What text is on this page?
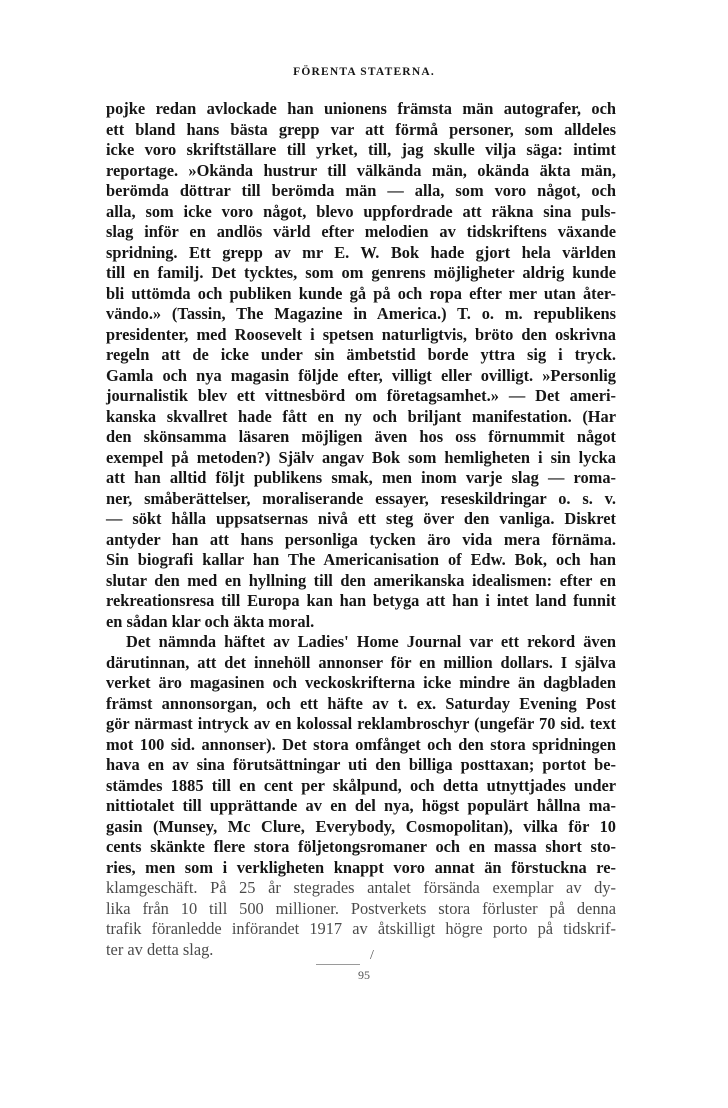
FÖRENTA STATERNA.
pojke redan avlockade han unionens främsta män autografer, och
ett bland hans bästa grepp var att förmå personer, som alldeles
icke voro skriftställare till yrket, till, jag skulle vilja säga: intimt
reportage. »Okända hustrur till välkända män, okända äkta män,
berömda döttrar till berömda män — alla, som voro något, och
alla, som icke voro något, blevo uppfordrade att räkna sina puls-
slag inför en andlös värld efter melodien av tidskriftens växande
spridning. Ett grepp av mr E. W. Bok hade gjort hela världen
till en familj. Det tycktes, som om genrens möjligheter aldrig kunde
bli uttömda och publiken kunde gå på och ropa efter mer utan åter-
vändo.» (Tassin, The Magazine in America.) T. o. m. republikens
presidenter, med Roosevelt i spetsen naturligtvis, bröto den oskrivna
regeln att de icke under sin ämbetstid borde yttra sig i tryck.
Gamla och nya magasin följde efter, villigt eller ovilligt. »Personlig
journalistik blev ett vittnesbörd om företagsamhet.» — Det ameri-
kanska skvallret hade fått en ny och briljant manifestation. (Har
den skönsamma läsaren möjligen även hos oss förnummit något
exempel på metoden?) Själv angav Bok som hemligheten i sin lycka
att han alltid följt publikens smak, men inom varje slag — roma-
ner, småberättelser, moraliserande essayer, reseskildringar o. s. v.
— sökt hålla uppsatsernas nivå ett steg över den vanliga. Diskret
antyder han att hans personliga tycken äro vida mera förnäma.
Sin biografi kallar han The Americanisation of Edw. Bok, och han
slutar den med en hyllning till den amerikanska idealismen: efter en
rekreationsresa till Europa kan han betyga att han i intet land funnit
en sådan klar och äkta moral.
Det nämnda häftet av Ladies' Home Journal var ett rekord även
därutinnan, att det innehöll annonser för en million dollars. I själva
verket äro magasinen och veckoskrifterna icke mindre än dagbladen
främst annonsorgan, och ett häfte av t. ex. Saturday Evening Post
gör närmast intryck av en kolossal reklambroschyr (ungefär 70 sid. text
mot 100 sid. annonser). Det stora omfånget och den stora spridningen
hava en av sina förutsättningar uti den billiga posttaxan; portot be-
stämdes 1885 till en cent per skålpund, och detta utnyttjades under
nittiotalet till upprättande av en del nya, högst populärt hållna ma-
gasin (Munsey, Mc Clure, Everybody, Cosmopolitan), vilka för 10
cents skänkte flere stora följetongsromaner och en massa short sto-
ries, men som i verkligheten knappt voro annat än förstuckna re-
klamgeschäft. På 25 år stegrades antalet försända exemplar av dy-
lika från 10 till 500 millioner. Postverkets stora förluster på denna
trafik föranledde införandet 1917 av åtskilligt högre porto på tidskrif-
ter av detta slag.	/
95
